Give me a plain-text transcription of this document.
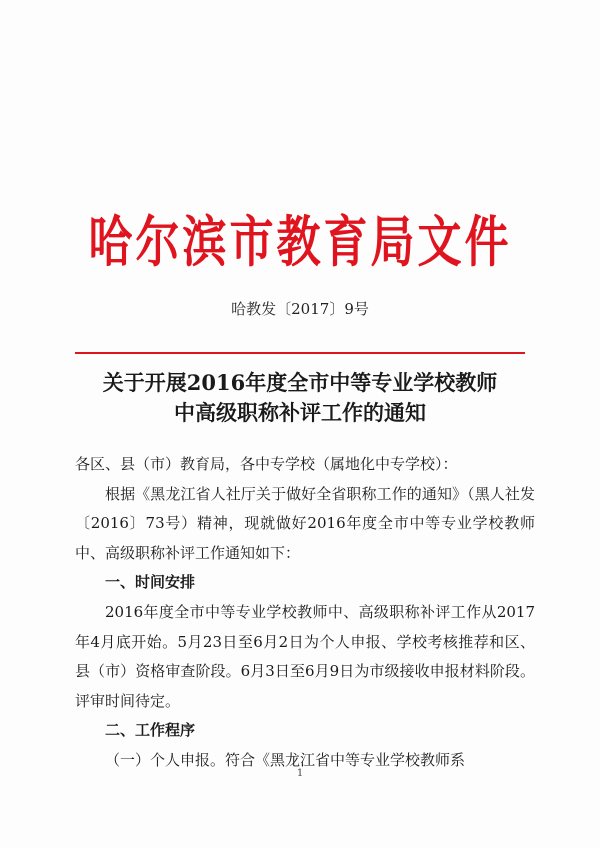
哈尔滨市教育局文件
哈教发〔2017〕9号
关于开展2016年度全市中等专业学校教师
中高级职称补评工作的通知

各区、县（市）教育局，各中专学校（属地化中专学校）：

根据《黑龙江省人社厅关于做好全省职称工作的通知》（黑人社发〔2016〕73号）精神，现就做好2016年度全市中等专业学校教师中、高级职称补评工作通知如下：

一、时间安排

2016年度全市中等专业学校教师中、高级职称补评工作从2017年4月底开始。5月23日至6月2日为个人申报、学校考核推荐和区、县（市）资格审查阶段。6月3日至6月9日为市级接收申报材料阶段。评审时间待定。

二、工作程序

（一）个人申报。符合《黑龙江省中等专业学校教师系

1
